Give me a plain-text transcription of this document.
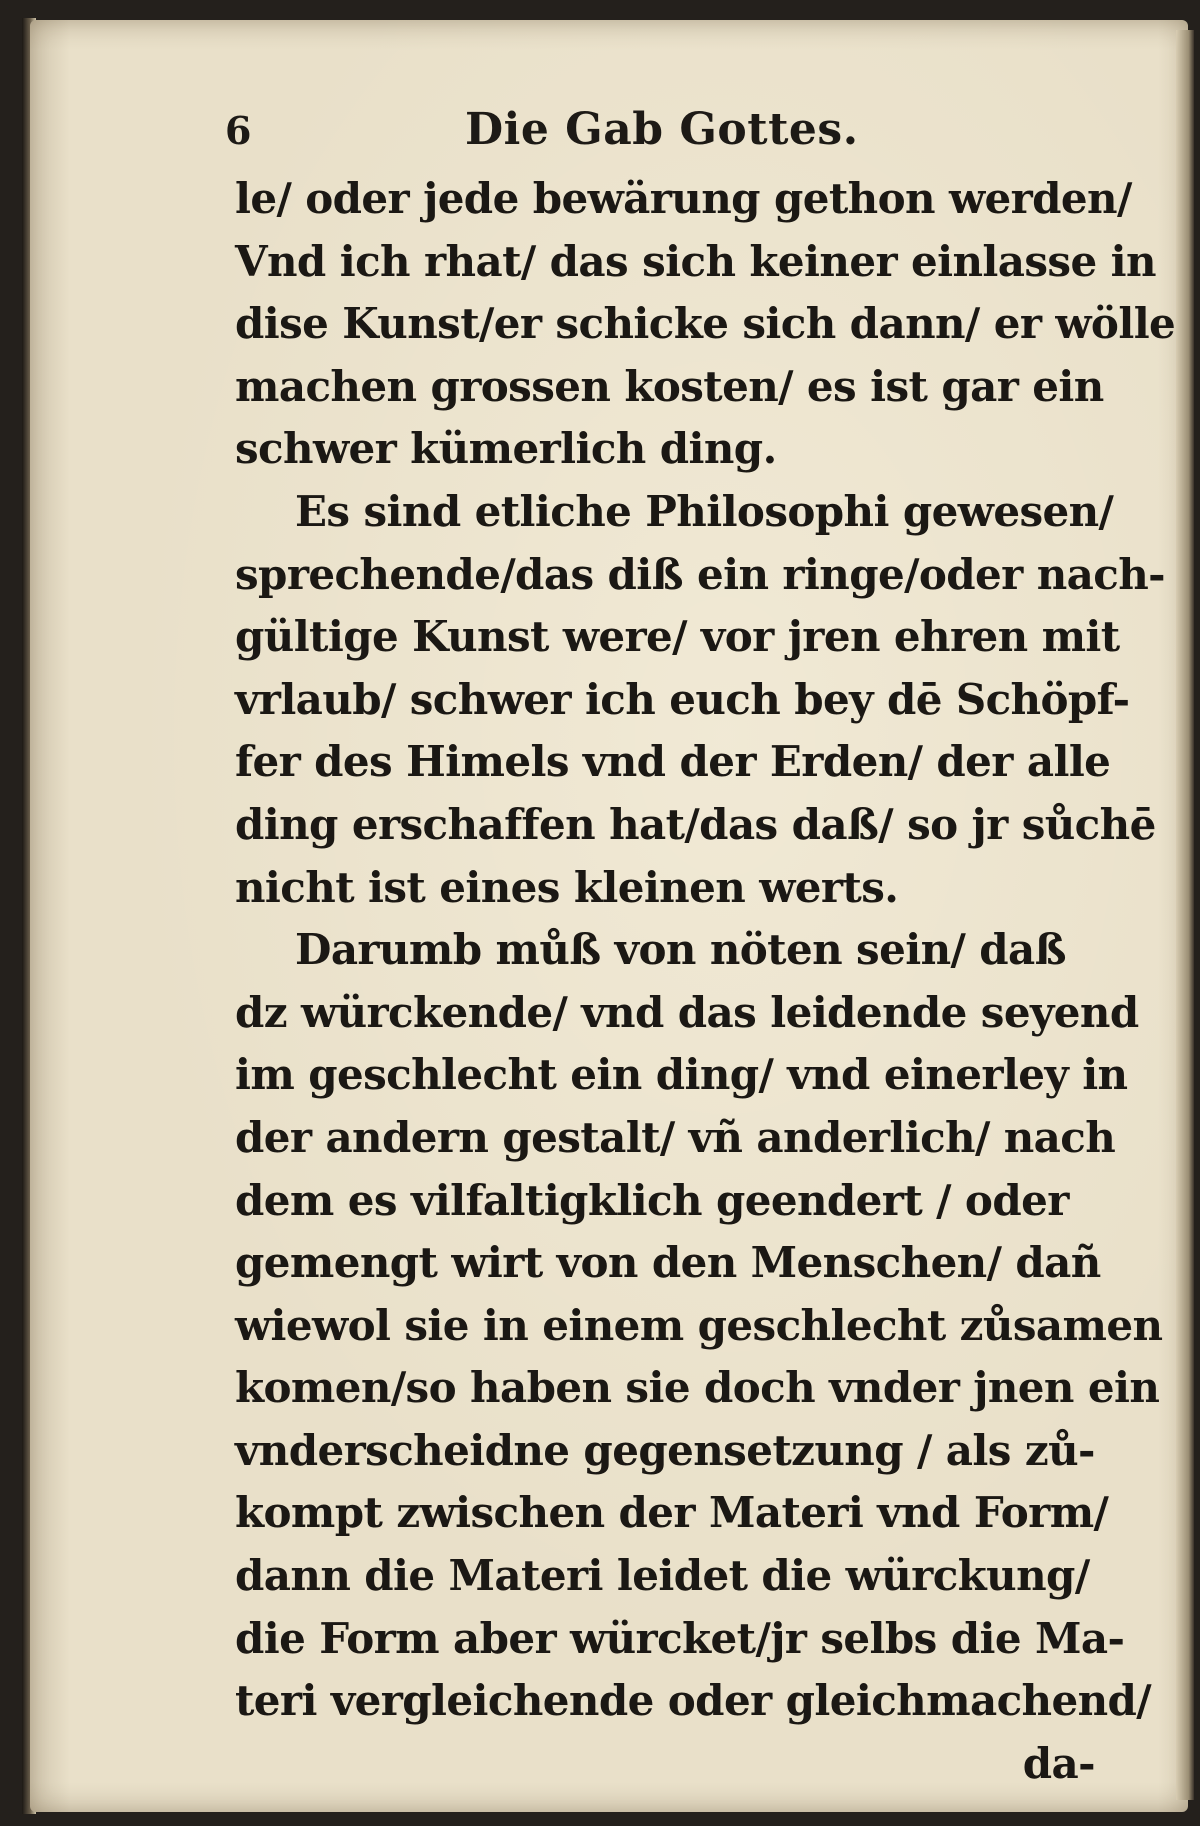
6	Die Gab Gottes.
le/ oder jede bewärung gethon werden/
Vnd ich rhat/ das sich keiner einlasse in
dise Kunst/er schicke sich dann/ er wölle
machen grossen kosten/ es ist gar ein
schwer kümerlich ding.
Es sind etliche Philosophi gewesen/
sprechende/das diß ein ringe/oder nach-
gültige Kunst were/ vor jren ehren mit
vrlaub/ schwer ich euch bey dē Schöpf-
fer des Himels vnd der Erden/ der alle
ding erschaffen hat/das daß/ so jr sůchē
nicht ist eines kleinen werts.
Darumb můß von nöten sein/ daß
dz würckende/ vnd das leidende seyend
im geschlecht ein ding/ vnd einerley in
der andern gestalt/ vñ anderlich/ nach
dem es vilfaltigklich geendert / oder
gemengt wirt von den Menschen/ dañ
wiewol sie in einem geschlecht zůsamen
komen/so haben sie doch vnder jnen ein
vnderscheidne gegensetzung / als zů-
kompt zwischen der Materi vnd Form/
dann die Materi leidet die würckung/
die Form aber würcket/jr selbs die Ma-
teri vergleichende oder gleichmachend/
da-
